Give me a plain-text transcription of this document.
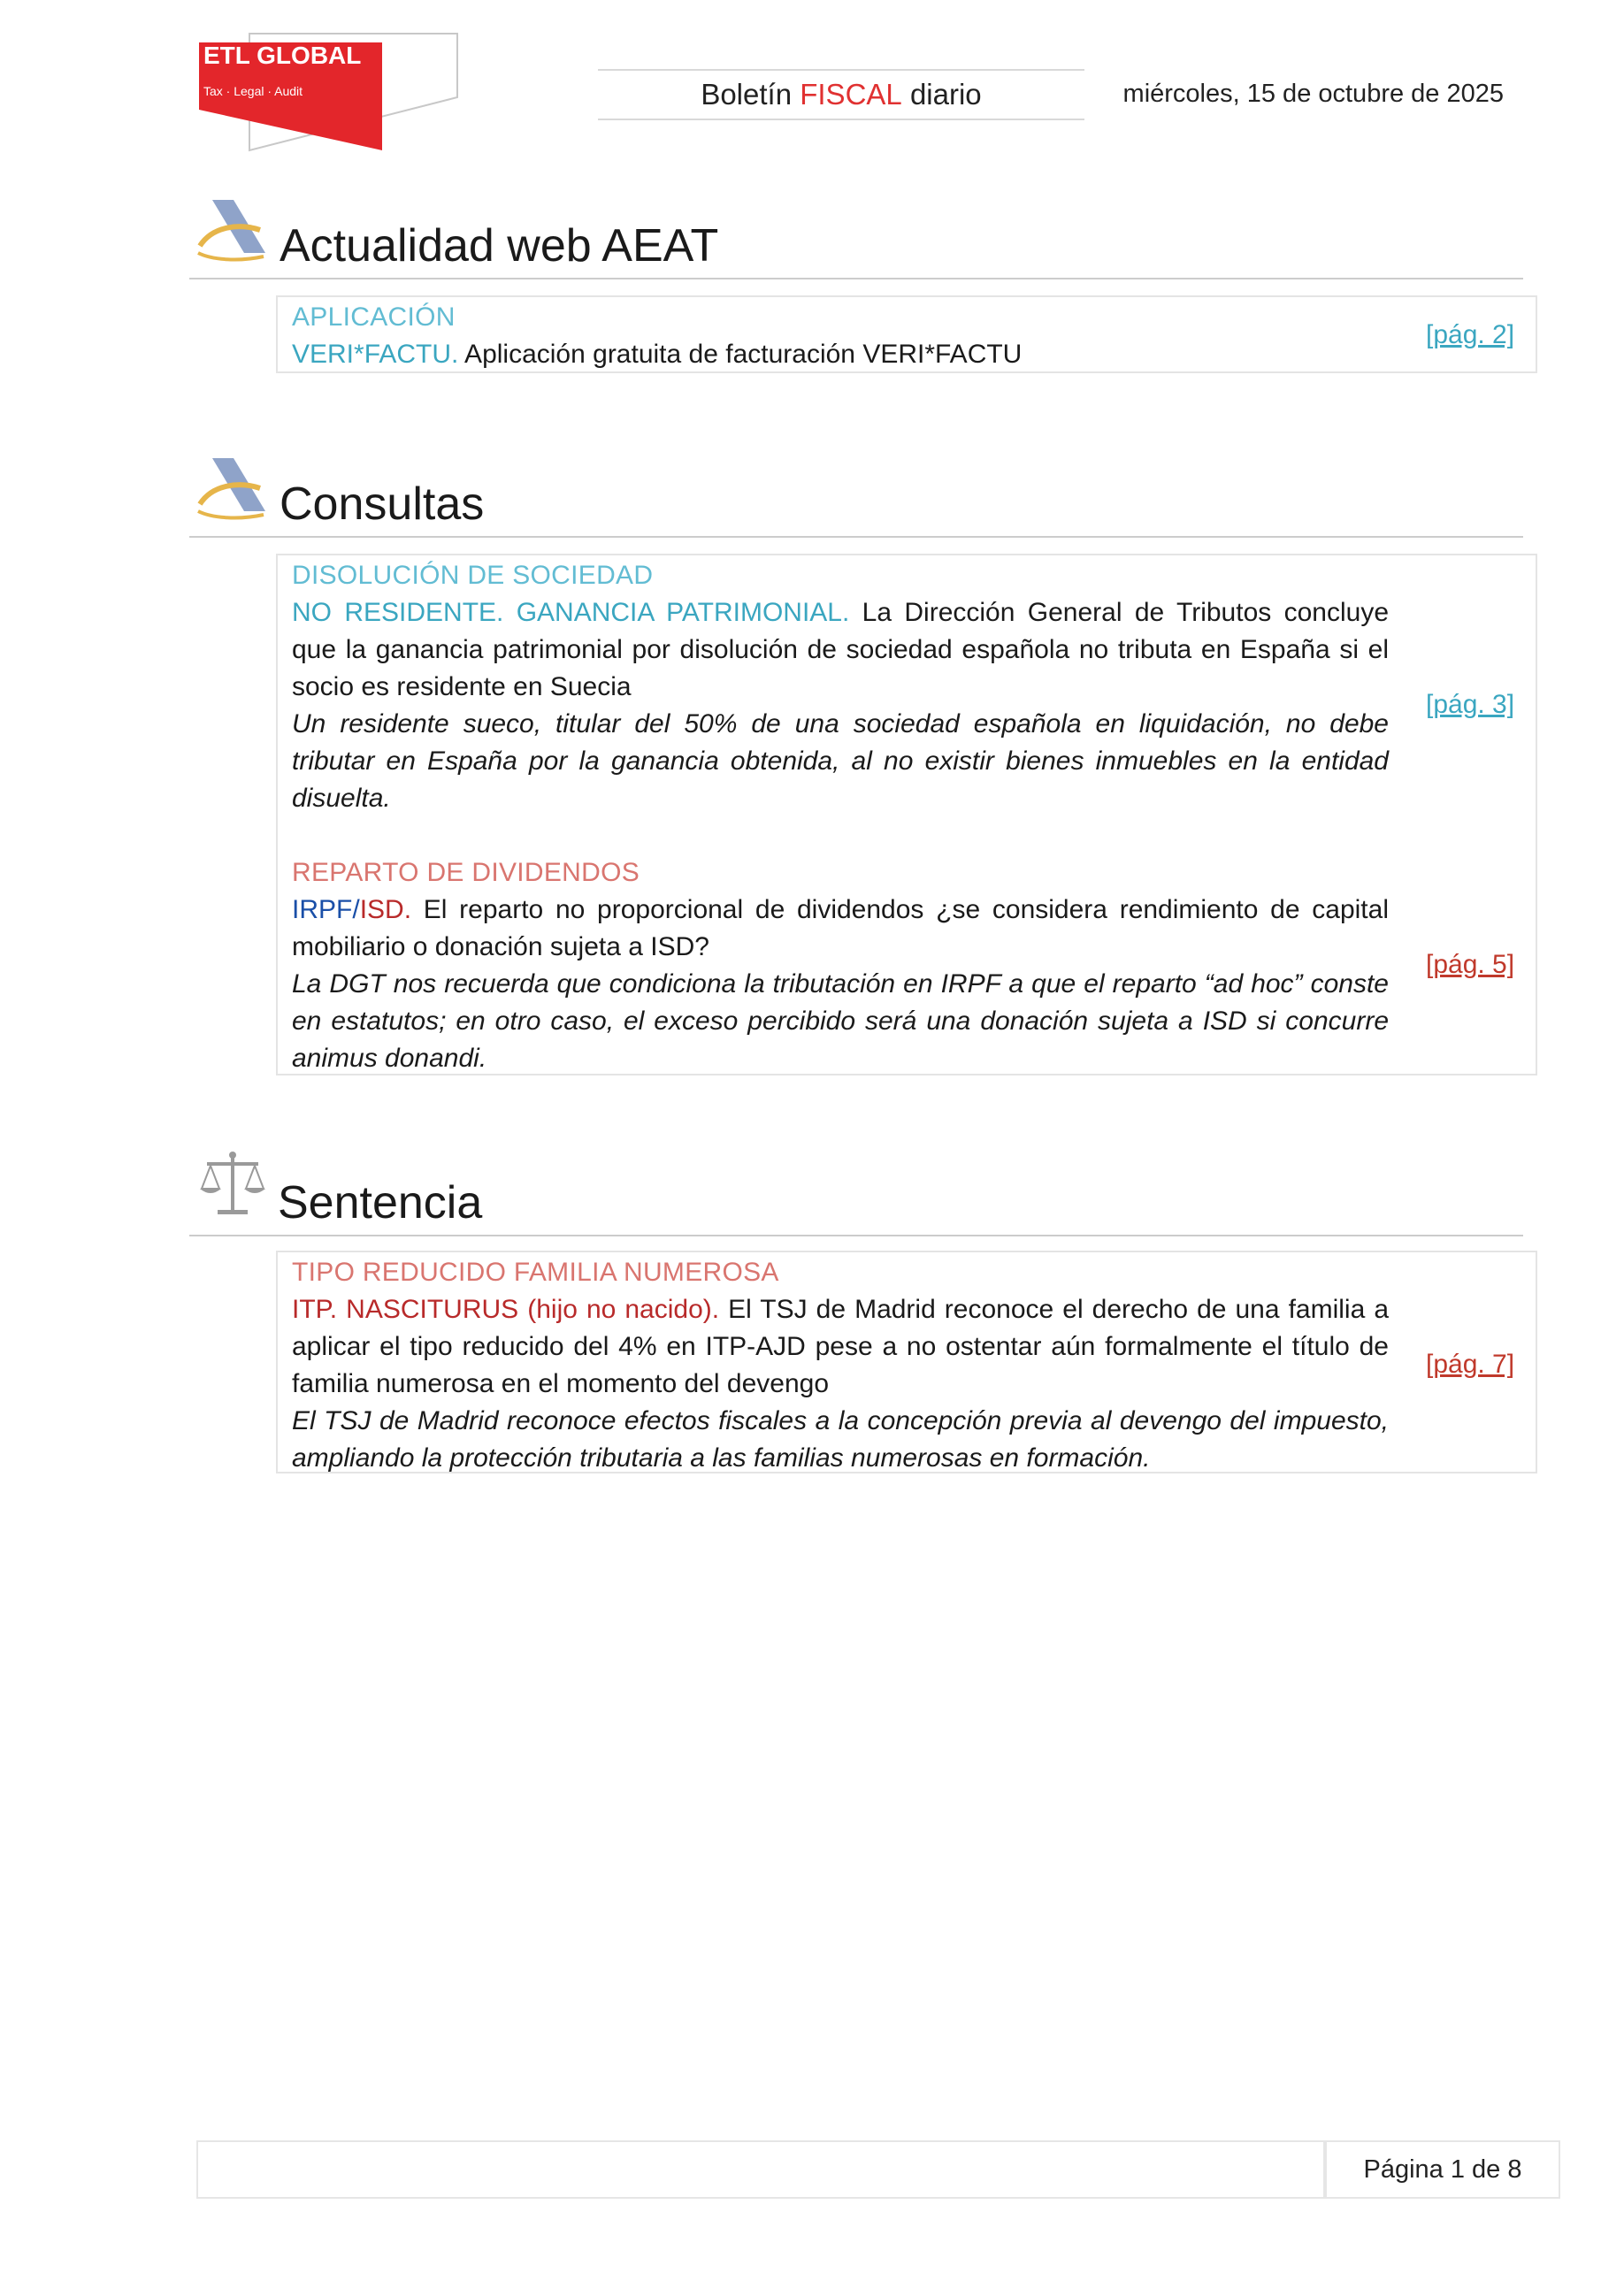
ETL GLOBAL
Tax · Legal · Audit	Boletín FISCAL diario	miércoles, 15 de octubre de 2025
Actualidad web AEAT
APLICACIÓN
VERI*FACTU. Aplicación gratuita de facturación VERI*FACTU
[pág. 2]
Consultas
DISOLUCIÓN DE SOCIEDAD
NO RESIDENTE. GANANCIA PATRIMONIAL. La Dirección General de Tributos concluye que la ganancia patrimonial por disolución de sociedad española no tributa en España si el socio es residente en Suecia
Un residente sueco, titular del 50% de una sociedad española en liquidación, no debe tributar en España por la ganancia obtenida, al no existir bienes inmuebles en la entidad disuelta.
[pág. 3]
REPARTO DE DIVIDENDOS
IRPF/ISD. El reparto no proporcional de dividendos ¿se considera rendimiento de capital mobiliario o donación sujeta a ISD?
La DGT nos recuerda que condiciona la tributación en IRPF a que el reparto “ad hoc” conste en estatutos; en otro caso, el exceso percibido será una donación sujeta a ISD si concurre animus donandi.
[pág. 5]
Sentencia
TIPO REDUCIDO FAMILIA NUMEROSA
ITP. NASCITURUS (hijo no nacido). El TSJ de Madrid reconoce el derecho de una familia a aplicar el tipo reducido del 4% en ITP-AJD pese a no ostentar aún formalmente el título de familia numerosa en el momento del devengo
El TSJ de Madrid reconoce efectos fiscales a la concepción previa al devengo del impuesto, ampliando la protección tributaria a las familias numerosas en formación.
[pág. 7]
Página 1 de 8
